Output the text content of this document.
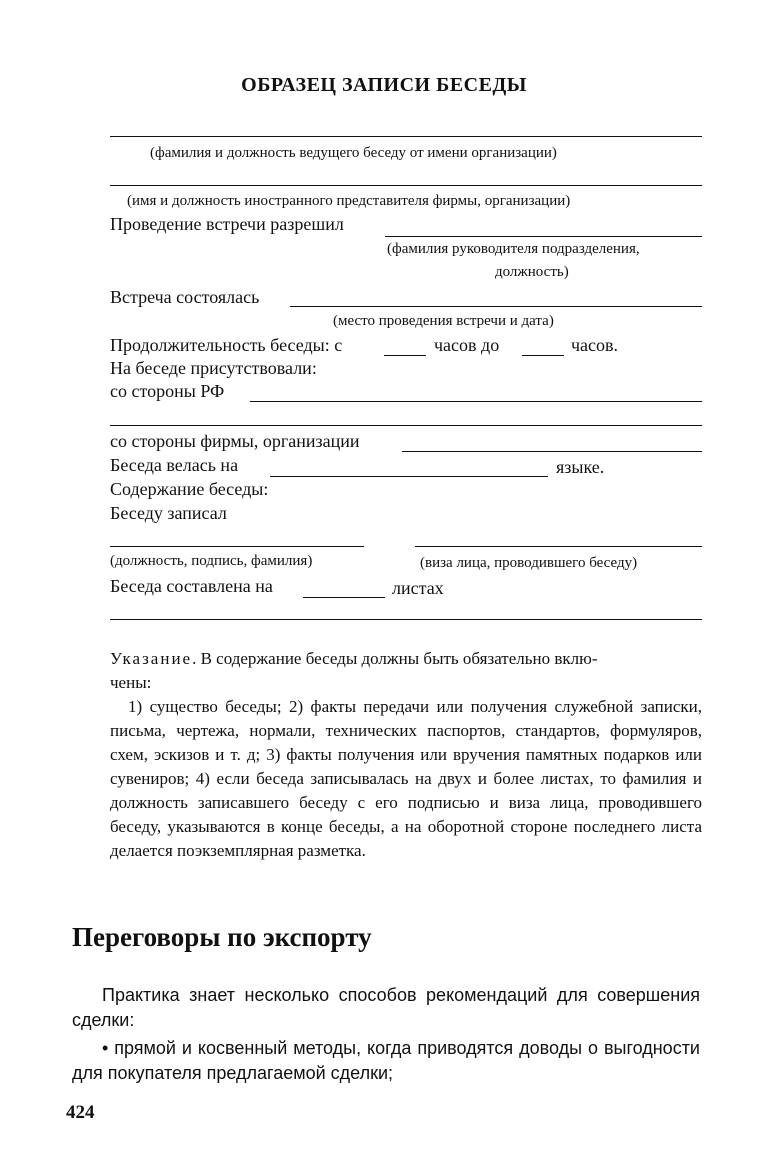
ОБРАЗЕЦ ЗАПИСИ БЕСЕДЫ
(фамилия и должность ведущего беседу от имени организации)
(имя и должность иностранного представителя фирмы, организации)
Проведение встречи разрешил
(фамилия руководителя подразделения,
должность)
Встреча состоялась
(место проведения встречи и дата)
Продолжительность беседы: с	часов до	часов.
На беседе присутствовали:
со стороны РФ
со стороны фирмы, организации
Беседа велась на	языке.
Содержание беседы:
Беседу записал
(должность, подпись, фамилия)	(виза лица, проводившего беседу)
Беседа составлена на	листах
Указание. В содержание беседы должны быть обязательно вклю-
чены:
1) существо беседы; 2) факты передачи или получения служебной записки, письма, чертежа, нормали, технических паспортов, стандартов, формуляров, схем, эскизов и т. д; 3) факты получения или вручения памятных подарков или сувениров; 4) если беседа записывалась на двух и более листах, то фамилия и должность записавшего беседу с его подписью и виза лица, проводившего беседу, указываются в конце беседы, а на оборотной стороне последнего листа делается поэкземплярная разметка.
Переговоры по экспорту
Практика знает несколько способов рекомендаций для совершения сделки:
• прямой и косвенный методы, когда приводятся доводы о выгодности для покупателя предлагаемой сделки;
424
